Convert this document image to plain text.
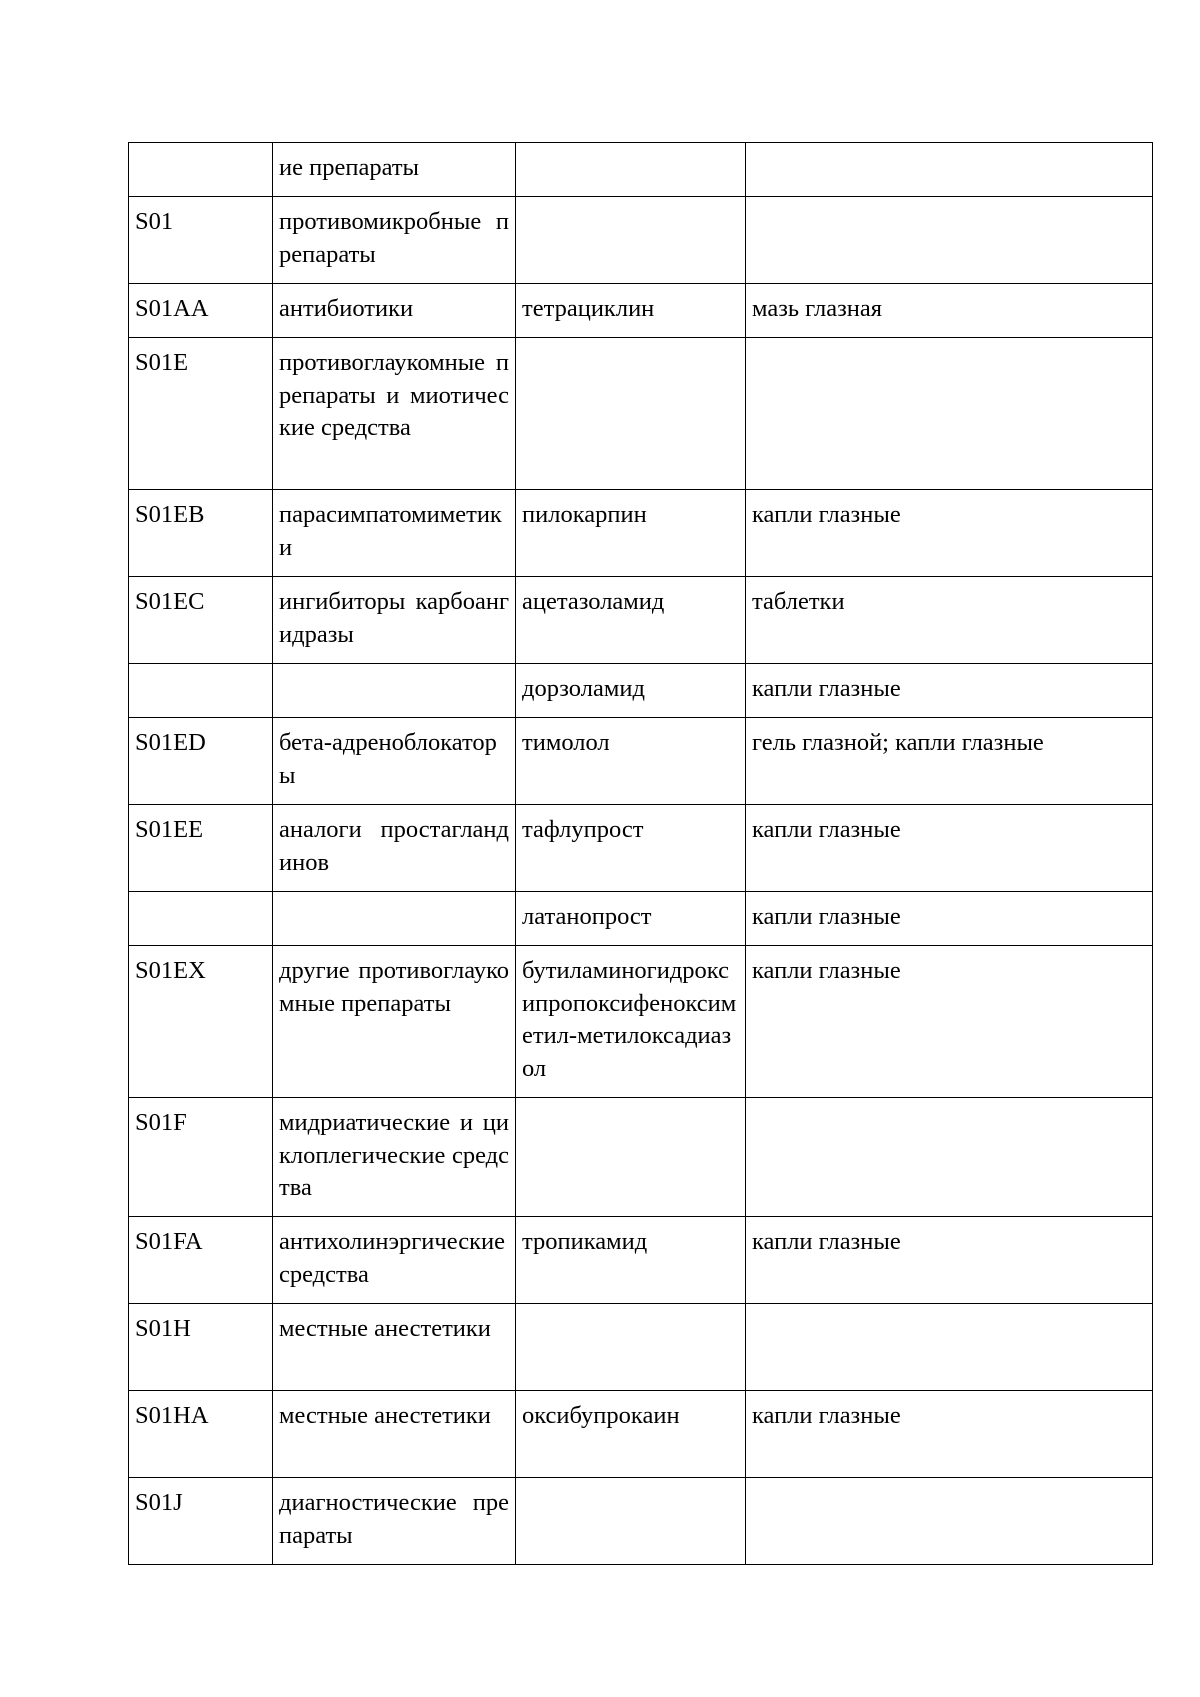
	ие препараты		
S01	противомикробные препараты		
S01AA	антибиотики	тетрациклин	мазь глазная
S01E	противоглаукомные препараты и миотические средства		
S01EB	парасимпатомиметики	пилокарпин	капли глазные
S01EC	ингибиторы карбоангидразы	ацетазоламид	таблетки
		дорзоламид	капли глазные
S01ED	бета-адреноблокаторы	тимолол	гель глазной; капли глазные
S01EE	аналоги простагландинов	тафлупрост	капли глазные
		латанопрост	капли глазные
S01EX	другие противоглаукомные препараты	бутиламиногидроксипропоксифеноксиметил-метилоксадиазол	капли глазные
S01F	мидриатические и циклоплегические средства		
S01FA	антихолинэргические средства	тропикамид	капли глазные
S01H	местные анестетики		
S01HA	местные анестетики	оксибупрокаин	капли глазные
S01J	диагностические препараты		
